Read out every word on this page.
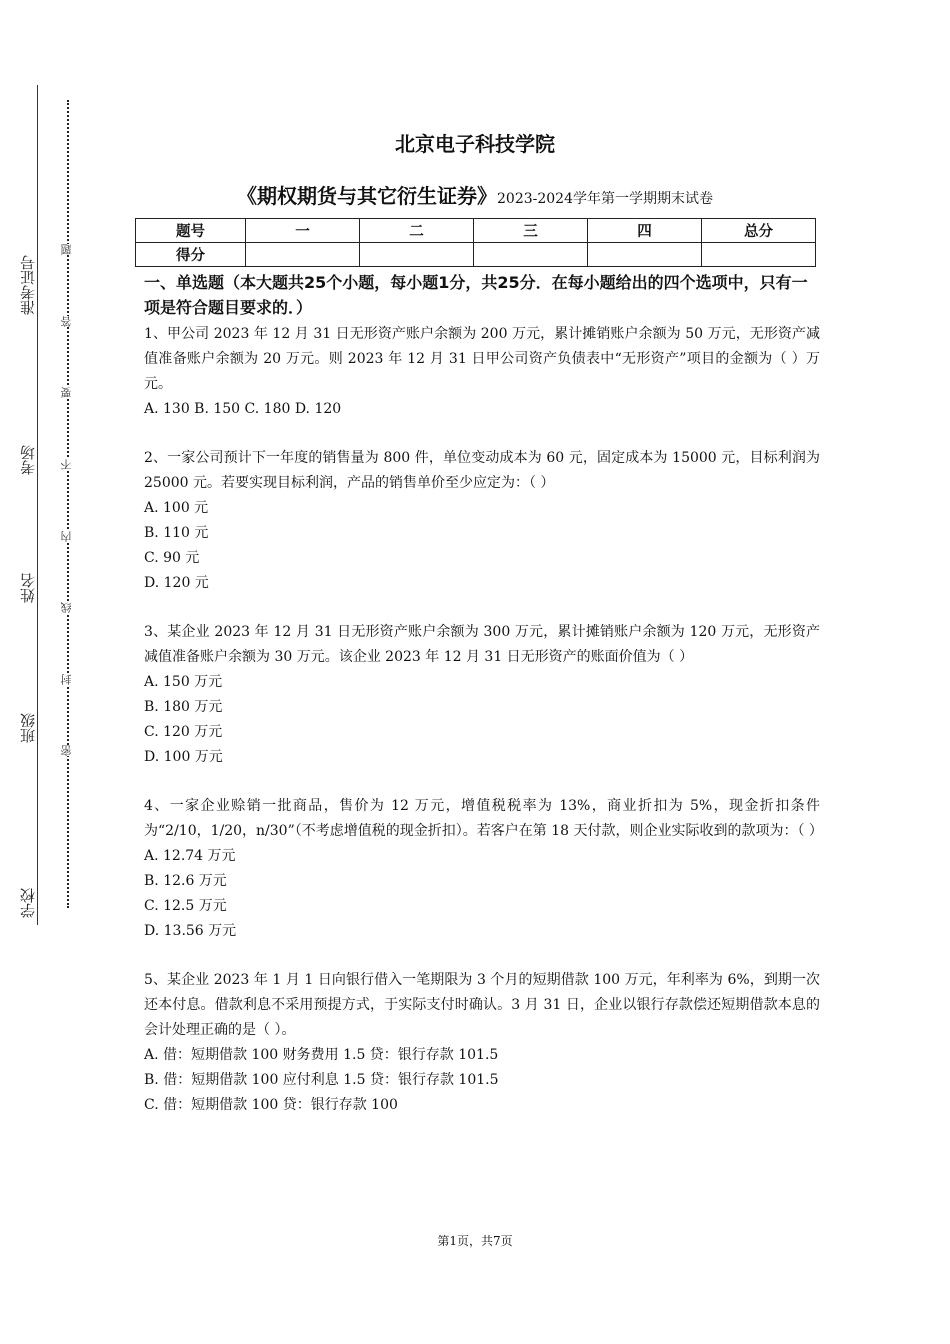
准考证号
考场
姓名
班级
学校
题
答
要
不
内
线
封
密
北京电子科技学院
《期权期货与其它衍生证券》2023-2024学年第一学期期末试卷
题号	一	二	三	四	总分
得分					

一、单选题（本大题共25个小题，每小题1分，共25分．在每小题给出的四个选项中，只有一项是符合题目要求的．）

1、甲公司 2023 年 12 月 31 日无形资产账户余额为 200 万元，累计摊销账户余额为 50 万元，无形资产减值准备账户余额为 20 万元。则 2023 年 12 月 31 日甲公司资产负债表中“无形资产”项目的金额为（ ）万元。

A. 130 B. 150 C. 180 D. 120

2、一家公司预计下一年度的销售量为 800 件，单位变动成本为 60 元，固定成本为 15000 元，目标利润为 25000 元。若要实现目标利润，产品的销售单价至少应定为：（ ）

A. 100 元

B. 110 元

C. 90 元

D. 120 元

3、某企业 2023 年 12 月 31 日无形资产账户余额为 300 万元，累计摊销账户余额为 120 万元，无形资产减值准备账户余额为 30 万元。该企业 2023 年 12 月 31 日无形资产的账面价值为（ ）

A. 150 万元

B. 180 万元

C. 120 万元

D. 100 万元

4、一家企业赊销一批商品，售价为 12 万元，增值税税率为 13%，商业折扣为 5%，现金折扣条件为“2/10，1/20，n/30”（不考虑增值税的现金折扣）。若客户在第 18 天付款，则企业实际收到的款项为：（ ）

A. 12.74 万元

B. 12.6 万元

C. 12.5 万元

D. 13.56 万元

5、某企业 2023 年 1 月 1 日向银行借入一笔期限为 3 个月的短期借款 100 万元，年利率为 6%，到期一次还本付息。借款利息不采用预提方式，于实际支付时确认。3 月 31 日，企业以银行存款偿还短期借款本息的会计处理正确的是（ ）。

A. 借：短期借款 100 财务费用 1.5 贷：银行存款 101.5

B. 借：短期借款 100 应付利息 1.5 贷：银行存款 101.5

C. 借：短期借款 100 贷：银行存款 100

第1页，共7页
